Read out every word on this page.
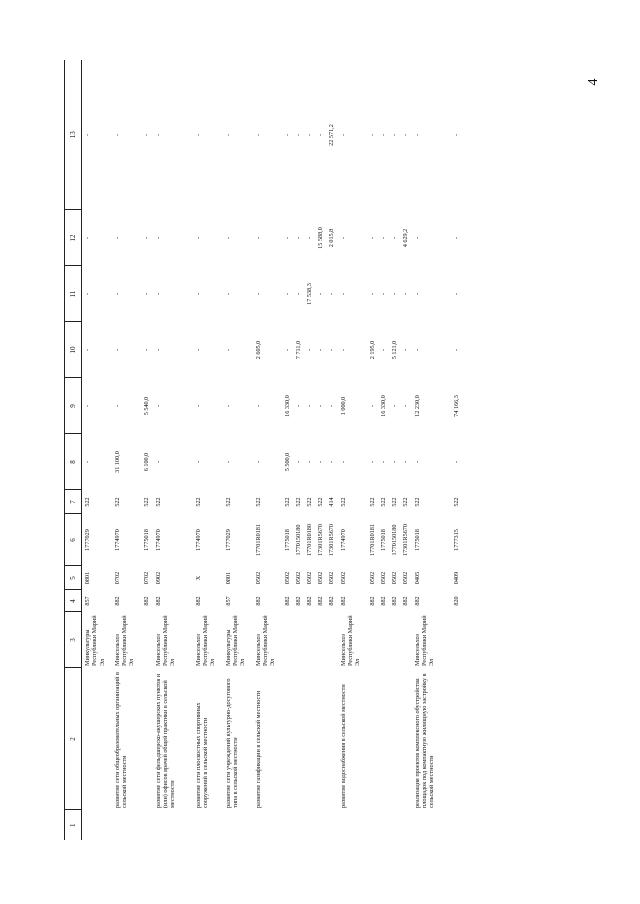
4
1	2	3	4	5	6	7	8	9	10	11	12	13
		Минкультуры Республики Марий Эл	857	0801	1777029	522	-	-	-	-	-	-
	развитие сети общеобразовательных организаций в сельской местности	Минсельхоз Республики Марий Эл	882	0702	1774970	522	31 100,0	-	-	-	-	-
			882	0702	1775018	522	6 100,0	5 540,0	-	-	-	-
	развитие сети фельдшерско-акушерских пунктов и (или) офисов врачей общей практики в сельской местности	Минсельхоз Республики Марий Эл	882	0902	1774970	522	-	-	-	-	-	-
	развитие сети плоскостных спортивных сооружений в сельской местности	Минсельхоз Республики Марий Эл	882	Х	1774970	522	-	-	-	-	-	-
	развитие сети учреждений культурно-досугового типа в сельской местности	Минкультуры Республики Марий Эл	857	0801	1777029	522	-	-	-	-	-	-
	развитие газификации в сельской местности	Минсельхоз Республики Марий Эл	882	0502	17701R0181	522	-	-	2 605,0	-	-	-
			882	0502	1775018	522	5 500,0	16 330,0	-	-	-	-
			882	0502	1770150180	522	-	-	7 711,0	-	-	-
			882	0502	17701R0180	522	-	-	-	17 538,3	-	-
			882	0502	17301R5670	522	-	-	-	-	15 588,0	-
			882	0502	17301R5670	414	-	-	-	-	2 015,8	22 571,2
	развитие водоснабжения в сельской местности	Минсельхоз Республики Марий Эл	882	0502	1774970	522	-	1 000,0	-	-	-	-
			882	0502	17701R0181	522	-	-	2 195,0	-	-	-
			882	0502	1775018	522	-	16 330,0	-	-	-	-
			882	0502	1770150180	522	-	-	5 121,0	-	-	-
			882	0502	17301R5670	522	-	-	-	-	4 629,2	-
	реализация проектов комплексного обустройства площадок под компактную жилищную застройку в сельской местности	Минсельхоз Республики Марий Эл	882	0405	1775018	522	-	12 230,0	-	-	-	-
			820	0409	1777315	522	-	74 166,3	-	-	-	-
